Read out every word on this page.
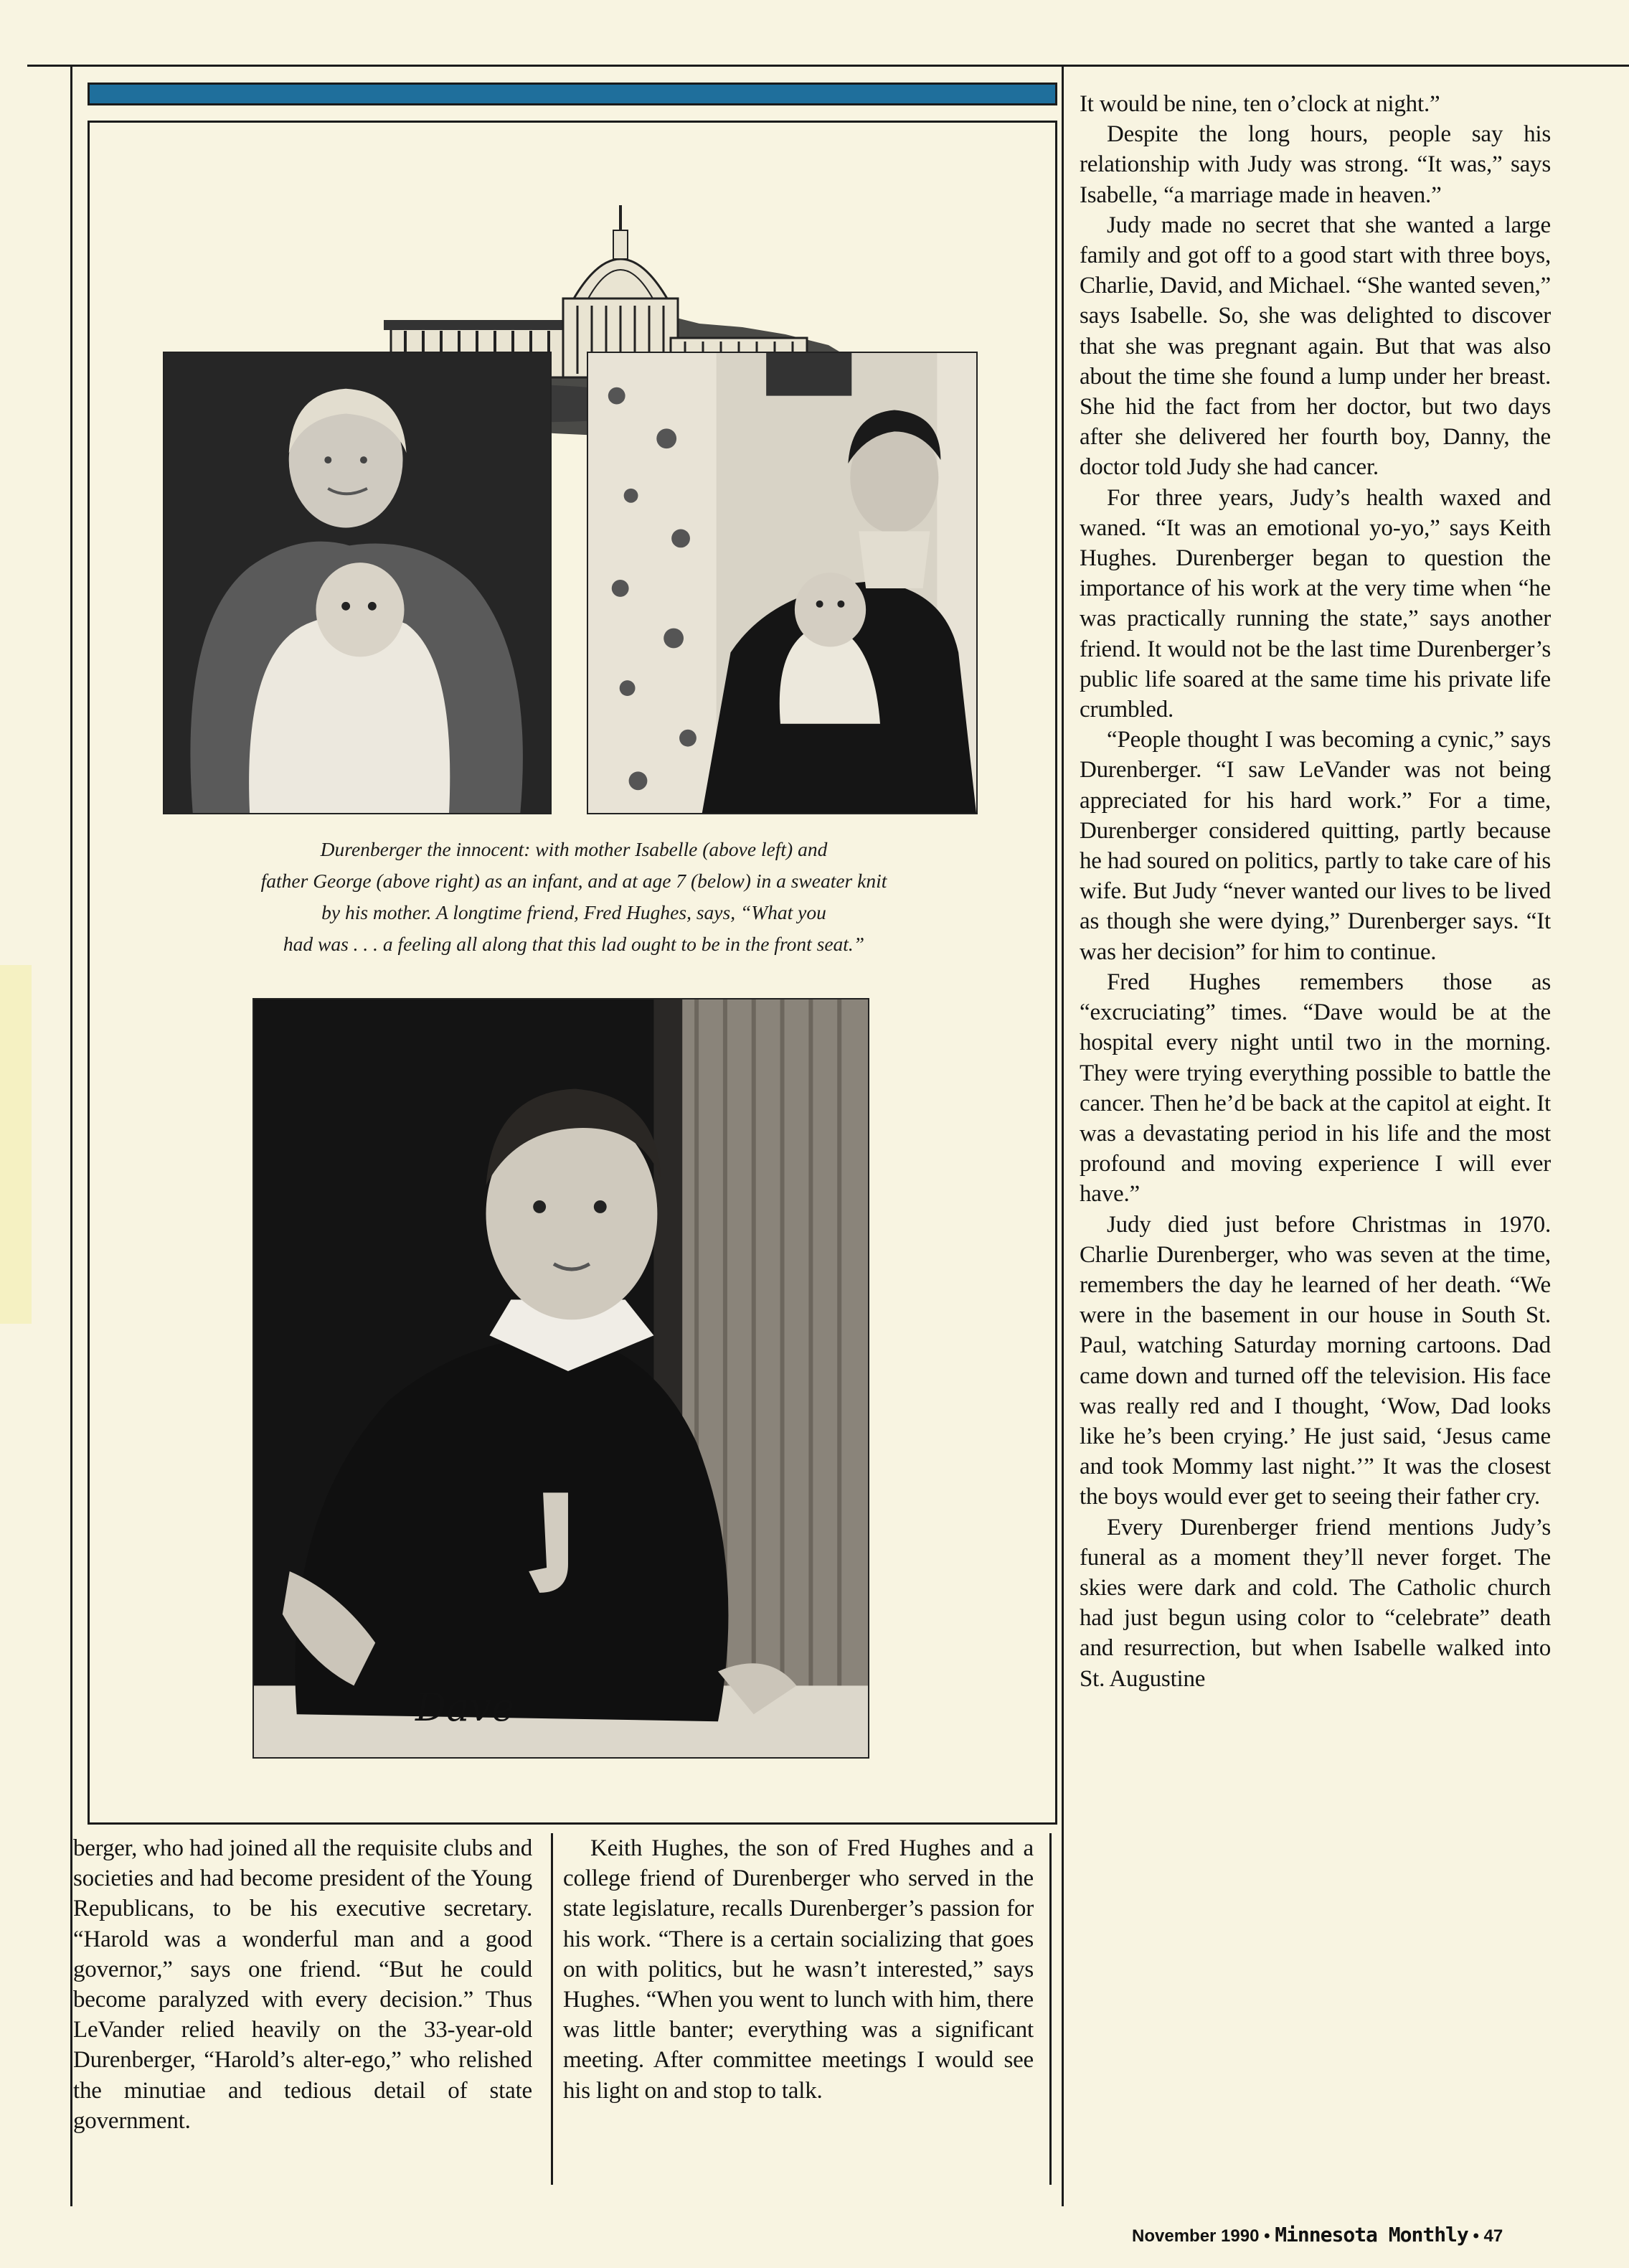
Dave
Durenberger the innocent: with mother Isabelle (above left) and
father George (above right) as an infant, and at age 7 (below) in a sweater knit
by his mother. A longtime friend, Fred Hughes, says, “What you
had was . . . a feeling all along that this lad ought to be in the front seat.”

berger, who had joined all the requisite clubs and societies and had become president of the Young Republicans, to be his executive secretary. “Harold was a wonderful man and a good governor,” says one friend. “But he could become paralyzed with every decision.” Thus LeVander relied heavily on the 33-year-old Durenberger, “Harold’s alter-ego,” who relished the minutiae and tedious detail of state government.

Keith Hughes, the son of Fred Hughes and a college friend of Durenberger who served in the state legislature, recalls Durenberger’s passion for his work. “There is a certain socializing that goes on with politics, but he wasn’t interested,” says Hughes. “When you went to lunch with him, there was little banter; everything was a significant meeting. After committee meetings I would see his light on and stop to talk.

It would be nine, ten o’clock at night.”

Despite the long hours, people say his relationship with Judy was strong. “It was,” says Isabelle, “a marriage made in heaven.”

Judy made no secret that she wanted a large family and got off to a good start with three boys, Charlie, David, and Michael. “She wanted seven,” says Isabelle. So, she was delighted to discover that she was pregnant again. But that was also about the time she found a lump under her breast. She hid the fact from her doctor, but two days after she delivered her fourth boy, Danny, the doctor told Judy she had cancer.

For three years, Judy’s health waxed and waned. “It was an emotional yo-yo,” says Keith Hughes. Durenberger began to question the importance of his work at the very time when “he was practically running the state,” says another friend. It would not be the last time Durenberger’s public life soared at the same time his private life crumbled.

“People thought I was becoming a cynic,” says Durenberger. “I saw LeVander was not being appreciated for his hard work.” For a time, Durenberger considered quitting, partly because he had soured on politics, partly to take care of his wife. But Judy “never wanted our lives to be lived as though she were dying,” Durenberger says. “It was her decision” for him to continue.

Fred Hughes remembers those as “excruciating” times. “Dave would be at the hospital every night until two in the morning. They were trying everything possible to battle the cancer. Then he’d be back at the capitol at eight. It was a devastating period in his life and the most profound and moving experience I will ever have.”

Judy died just before Christmas in 1970. Charlie Durenberger, who was seven at the time, remembers the day he learned of her death. “We were in the basement in our house in South St. Paul, watching Saturday morning cartoons. Dad came down and turned off the television. His face was really red and I thought, ‘Wow, Dad looks like he’s been crying.’ He just said, ‘Jesus came and took Mommy last night.’” It was the closest the boys would ever get to seeing their father cry.

Every Durenberger friend mentions Judy’s funeral as a moment they’ll never forget. The skies were dark and cold. The Catholic church had just begun using color to “celebrate” death and resurrection, but when Isabelle walked into St. Augustine

November 1990 • Minnesota Monthly • 47
